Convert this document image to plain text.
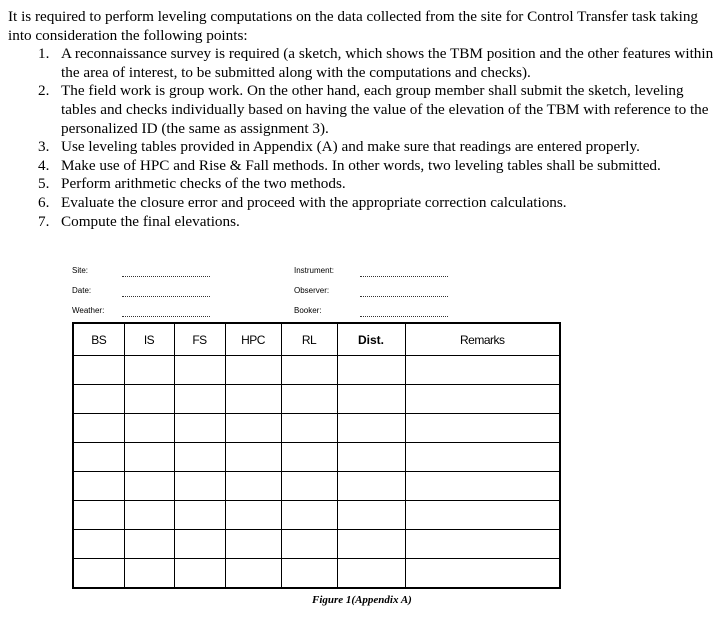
It is required to perform leveling computations on the data collected from the site for Control Transfer task taking into consideration the following points:

1. A reconnaissance survey is required (a sketch, which shows the TBM position and the other features within the area of interest, to be submitted along with the computations and checks).
2. The field work is group work. On the other hand, each group member shall submit the sketch, leveling tables and checks individually based on having the value of the elevation of the TBM with reference to the personalized ID (the same as assignment 3).
3. Use leveling tables provided in Appendix (A) and make sure that readings are entered properly.
4. Make use of HPC and Rise & Fall methods. In other words, two leveling tables shall be submitted.
5. Perform arithmetic checks of the two methods.
6. Evaluate the closure error and proceed with the appropriate correction calculations.
7. Compute the final elevations.
Site:
Date:
Weather:
Instrument:
Observer:
Booker:
BS	IS	FS	HPC	RL	Dist.	Remarks

Figure 1(Appendix A)
